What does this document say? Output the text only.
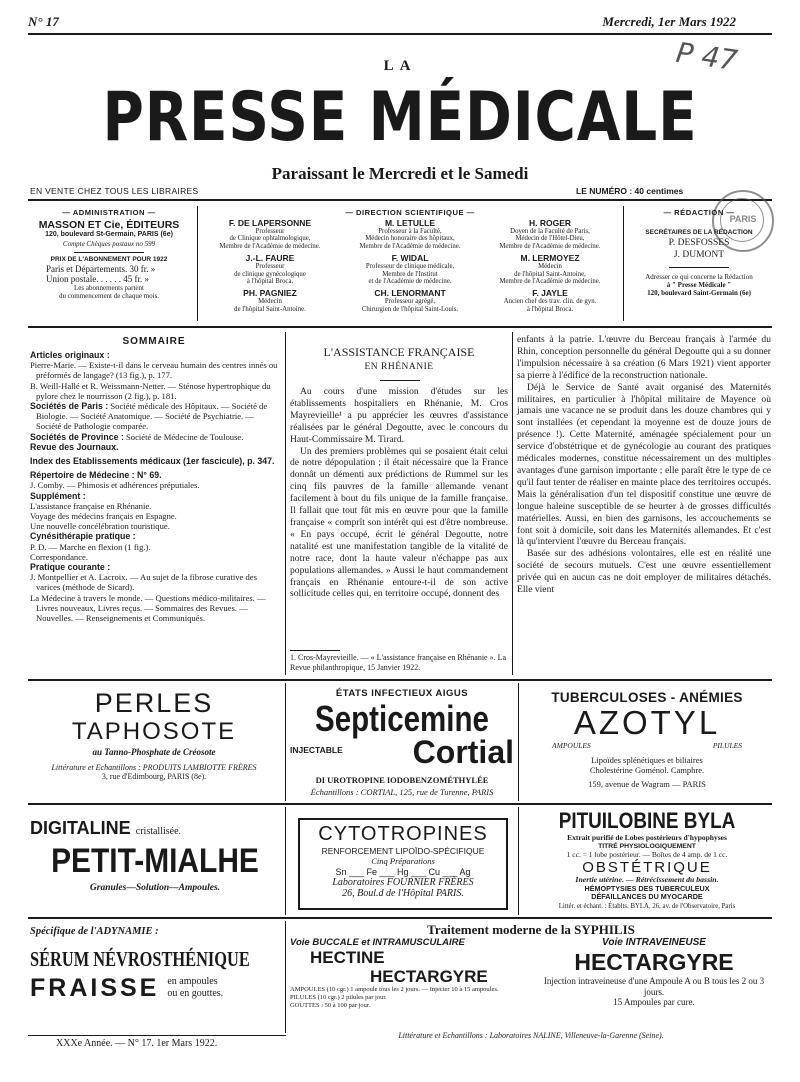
N° 17	Mercredi, 1er Mars 1922
LA
PRESSE MÉDICALE
P 47
Paraissant le Mercredi et le Samedi
EN VENTE CHEZ TOUS LES LIBRAIRES	LE NUMÉRO : 40 centimes
PARIS
— ADMINISTRATION —
MASSON ET Cie, ÉDITEURS
120, boulevard St-Germain, PARIS (6e)
Compte Chèques postaux no 599
PRIX DE L'ABONNEMENT POUR 1922
Paris et Départements. 30 fr. »
Union postale. . . . . . 45 fr. »
Les abonnements partent
du commencement de chaque mois.
— DIRECTION SCIENTIFIQUE —
F. DE LAPERSONNE
Professeur
de Clinique ophtalmologique,
Membre de l'Académie de médecine.
M. LETULLE
Professeur à la Faculté,
Médecin honoraire des hôpitaux,
Membre de l'Académie de médecine.
H. ROGER
Doyen de la Faculté de Paris,
Médecin de l'Hôtel-Dieu,
Membre de l'Académie de médecine.
J.-L. FAURE
Professeur
de clinique gynécologique
à l'hôpital Broca.
F. WIDAL
Professeur de clinique médicale,
Membre de l'Institut
et de l'Académie de médecine.
M. LERMOYEZ
Médecin
de l'hôpital Saint-Antoine,
Membre de l'Académie de médecine.
PH. PAGNIEZ
Médecin
de l'hôpital Saint-Antoine.
CH. LENORMANT
Professeur agrégé,
Chirurgien de l'hôpital Saint-Louis.
F. JAYLE
Ancien chef des trav. clin. de gyn.
à l'hôpital Broca.
— RÉDACTION —
SECRÉTAIRES DE LA RÉDACTION
P. DESFOSSES
J. DUMONT
Adresser ce qui concerne la Rédaction
à " Presse Médicale "
120, boulevard Saint-Germain (6e)
SOMMAIRE
Articles originaux :
Pierre-Marie. — Existe-t-il dans le cerveau humain des centres innés ou préformés de langage? (13 fig.), p. 177.
B. Weill-Hallé et R. Weissmann-Netter. — Sténose hypertrophique du pylore chez le nourrisson (2 fig.), p. 181.
Sociétés de Paris : Société médicale des Hôpitaux. — Société de Biologie. — Société Anatomique. — Société de Psychiatrie. — Société de Pathologie comparée.
Sociétés de Province : Société de Médecine de Toulouse.
Revue des Journaux.
Index des Etablissements médicaux (1er fascicule), p. 347.
Répertoire de Médecine : N° 69.
J. Comby. — Phimosis et adhérences préputiales.
Supplément :
L'assistance française en Rhénanie.
Voyage des médecins français en Espagne.
Une nouvelle concélébration touristique.
Cynésithérapie pratique :
P. D. — Marche en flexion (1 fig.).
Correspondance.
Pratique courante :
J. Montpellier et A. Lacroix. — Au sujet de la fibrose curative des varices (méthode de Sicard).
La Médecine à travers le monde. — Questions médico-militaires. — Livres nouveaux, Livres reçus. — Sommaires des Revues. — Nouvelles. — Renseignements et Communiqués.
L'ASSISTANCE FRANÇAISE
EN RHÉNANIE

Au cours d'une mission d'études sur les établissements hospitaliers en Rhénanie, M. Cros Mayrevieille¹ a pu apprécier les œuvres d'assistance réalisées par le général Degoutte, avec le concours du Haut-Commissaire M. Tirard.

Un des premiers problèmes qui se posaient était celui de notre dépopulation ; il était nécessaire que la France donnât un démenti aux prédictions de Rummel sur les cinq fils pauvres de la famille allemande venant facilement à bout du fils unique de la famille française. Il fallait que tout fût mis en œuvre pour que la famille française « comprît son intérêt qui est d'être nombreuse. « En pays occupé, écrit le général Degoutte, notre natalité est une manifestation tangible de la vitalité de notre race, dont la haute valeur n'échappe pas aux populations allemandes. » Aussi le haut commandement français en Rhénanie entoure-t-il de son active sollicitude celles qui, en territoire occupé, donnent des

1. Cros-Mayrevieille. — « L'assistance française en Rhénanie ». La Revue philanthropique, 15 Janvier 1922.

enfants à la patrie. L'œuvre du Berceau français à l'armée du Rhin, conception personnelle du général Degoutte qui a su donner l'impulsion nécessaire à sa création (6 Mars 1921) vient apporter sa pierre à l'édifice de la reconstruction nationale.

Déjà le Service de Santé avait organisé des Maternités militaires, en particulier à l'hôpital militaire de Mayence où jamais une vacance ne se produit dans les douze chambres qui y sont installées (et cependant la moyenne est de douze jours de présence !). Cette Maternité, aménagée spécialement pour un service d'obstétrique et de gynécologie au courant des pratiques médicales modernes, constitue nécessairement un des multiples avantages d'une garnison importante ; elle paraît être le type de ce qu'il faut tenter de réaliser en mainte place des territoires occupés. Mais la généralisation d'un tel dispositif constitue une œuvre de longue haleine susceptible de se heurter à de grosses difficultés matérielles. Aussi, en bien des garnisons, les accouchements se font soit à domicile, soit dans les Maternités allemandes. Et c'est là qu'intervient l'œuvre du Berceau français.

Basée sur des adhésions volontaires, elle est en réalité une société de secours mutuels. C'est une œuvre essentiellement privée qui en aucun cas ne doit employer de militaires détachés. Elle vient

PERLES
TAPHOSOTE
au Tanno-Phosphate de Créosote
Littérature et Echantillons : PRODUITS LAMBIOTTE FRÈRES
3, rue d'Edimbourg, PARIS (8e).
ÉTATS INFECTIEUX AIGUS
Septicemine
INJECTABLE Cortial
DI UROTROPINE IODOBENZOMÉTHYLÉE
Échantillons : CORTIAL, 125, rue de Turenne, PARIS
TUBERCULOSES - ANÉMIES
AZOTYL
AMPOULES	PILULES
Lipoïdes splénétiques et biliaires
Cholestérine Goménol. Camphre.
159, avenue de Wagram — PARIS
DIGITALINE cristallisée.
PETIT-MIALHE
Granules—Solution—Ampoules.
CYTOTROPINES
RENFORCEMENT LIPOÏDO-SPÉCIFIQUE
Cinq Préparations
Sn ___ Fe ___ Hg ___ Cu ___ Ag
Laboratoires FOURNIER FRÈRES
26, Boul.d de l'Hôpital PARIS.
PITUILOBINE BYLA
Extrait purifié de Lobes postérieurs d'hypophyses
TITRÉ PHYSIOLOGIQUEMENT
1 cc. = 1 lobe postérieur. — Boîtes de 4 amp. de 1 cc.
OBSTÉTRIQUE
Inertie utérine. — Rétrécissement du bassin.
HÉMOPTYSIES DES TUBERCULEUX
DÉFAILLANCES DU MYOCARDE
Littér. et échant. : Établts. BYLA, 26, av. de l'Observatoire, Paris
Spécifique de l'ADYNAMIE :
SÉRUM NÉVROSTHÉNIQUE
FRAISSE en ampoules
ou en gouttes.
Traitement moderne de la SYPHILIS
Voie BUCCALE et INTRAMUSCULAIRE
HECTINE
HECTARGYRE
AMPOULES (10 cgr.) 1 ampoule tous les 2 jours. — Injecter 10 à 15 ampoules.
PILULES (10 cgr.) 2 pilules par jour.
GOUTTES : 50 à 100 par jour.
Voie INTRAVEINEUSE
HECTARGYRE
Injection intraveineuse d'une Ampoule A ou B tous les 2 ou 3 jours.
15 Ampoules par cure.
Littérature et Echantillons : Laboratoires NALINE, Villeneuve-la-Garenne (Seine).
XXXe Année. — N° 17. 1er Mars 1922.
